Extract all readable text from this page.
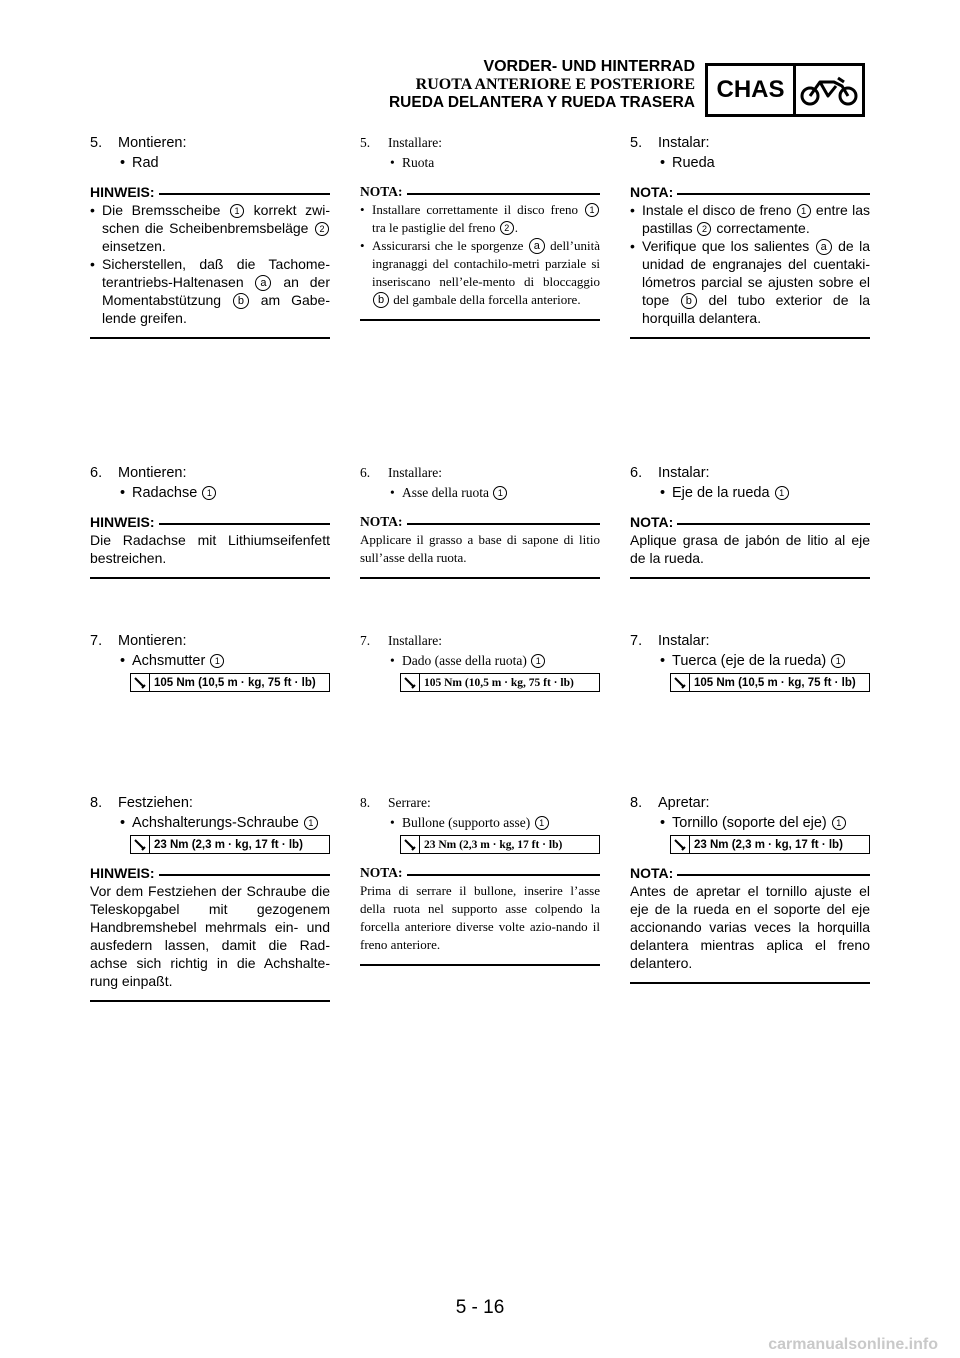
VORDER- UND HINTERRAD
RUOTA ANTERIORE E POSTERIORE
RUEDA DELANTERA Y RUEDA TRASERA CHAS
5.	Montieren:
• Rad
HINWEIS:
• Die Bremsscheibe 1 korrekt zwi-schen die Scheibenbremsbeläge 2 einsetzen.
• Sicherstellen, daß die Tachome-terantriebs-Haltenasen a an der Momentabstützung b am Gabe-lende greifen.
6.	Montieren:
• Radachse 1
HINWEIS:
Die Radachse mit Lithiumseifenfett bestreichen.
7.	Montieren:
• Achsmutter 1
105 Nm (10,5 m · kg, 75 ft · lb)
8.	Festziehen:
• Achshalterungs-Schraube 1
23 Nm (2,3 m · kg, 17 ft · lb)
HINWEIS:
Vor dem Festziehen der Schraube die Teleskopgabel mit gezogenem Handbremshebel mehrmals ein- und ausfedern lassen, damit die Rad-achse sich richtig in die Achshalte-rung einpaßt.
5.	Installare:
• Ruota
NOTA:
• Installare correttamente il disco freno 1 tra le pastiglie del freno 2 .
• Assicurarsi che le sporgenze a dell’unità ingranaggi del contachilo-metri parziale si inseriscano nell’ele-mento di bloccaggio b del gambale della forcella anteriore.
6.	Installare:
• Asse della ruota 1
NOTA:
Applicare il grasso a base di sapone di litio sull’asse della ruota.
7.	Installare:
• Dado (asse della ruota) 1
105 Nm (10,5 m · kg, 75 ft · lb)
8.	Serrare:
• Bullone (supporto asse) 1
23 Nm (2,3 m · kg, 17 ft · lb)
NOTA:
Prima di serrare il bullone, inserire l’asse della ruota nel supporto asse colpendo la forcella anteriore diverse volte azio-nando il freno anteriore.
5.	Instalar:
• Rueda
NOTA:
• Instale el disco de freno 1 entre las pastillas 2 correctamente.
• Verifique que los salientes a de la unidad de engranajes del cuentaki-lómetros parcial se ajusten sobre el tope b del tubo exterior de la horquilla delantera.
6.	Instalar:
• Eje de la rueda 1
NOTA:
Aplique grasa de jabón de litio al eje de la rueda.
7.	Instalar:
• Tuerca (eje de la rueda) 1
105 Nm (10,5 m · kg, 75 ft · lb)
8.	Apretar:
• Tornillo (soporte del eje) 1
23 Nm (2,3 m · kg, 17 ft · lb)
NOTA:
Antes de apretar el tornillo ajuste el eje de la rueda en el soporte del eje accionando varias veces la horquilla delantera mientras aplica el freno delantero.
5 - 16
carmanualsonline.info
